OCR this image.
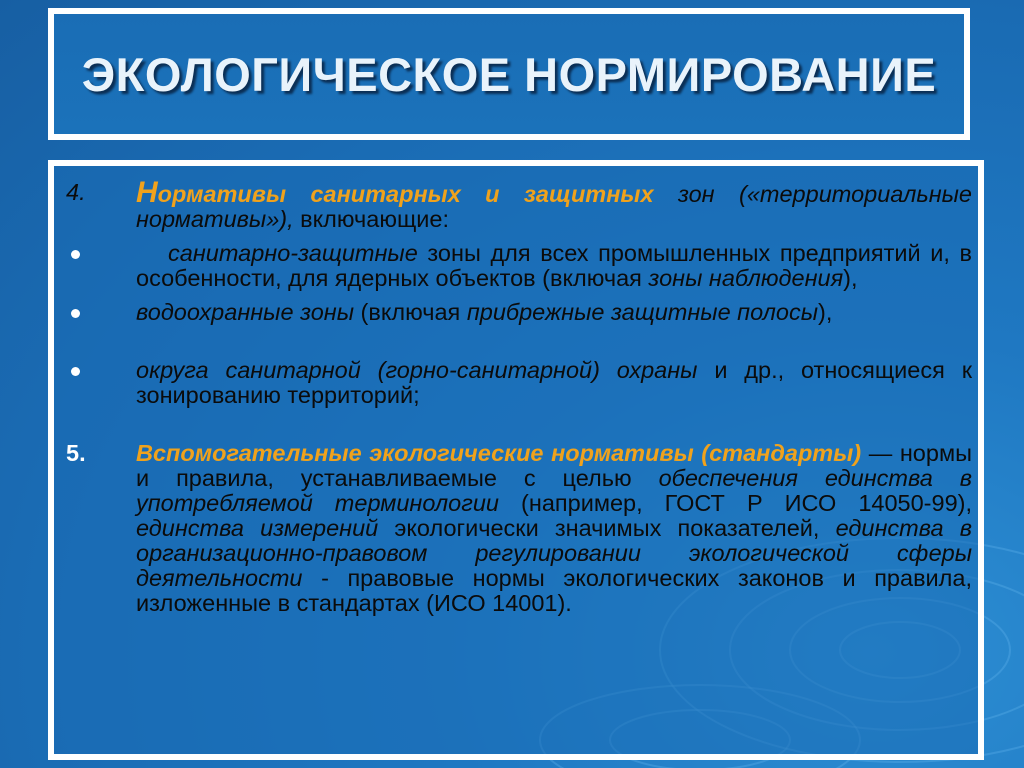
ЭКОЛОГИЧЕСКОЕ НОРМИРОВАНИЕ

4. Нормативы санитарных и защитных зон («территориальные нормативы»), включающие:

санитарно-защитные зоны для всех промышленных предприятий и, в особенности, для ядерных объектов (включая зоны наблюдения),

водоохранные зоны (включая прибрежные защитные полосы),

округа санитарной (горно-санитарной) охраны и др., относящиеся к зонированию территорий;

5. Вспомогательные экологические нормативы (стандарты) — нормы и правила, устанавливаемые с целью обеспечения единства в употребляемой терминологии (например, ГОСТ Р ИСО 14050-99), единства измерений экологически значимых показателей, единства в организационно-правовом регулировании экологической сферы деятельности - правовые нормы экологических законов и правила, изложенные в стандартах (ИСО 14001).
